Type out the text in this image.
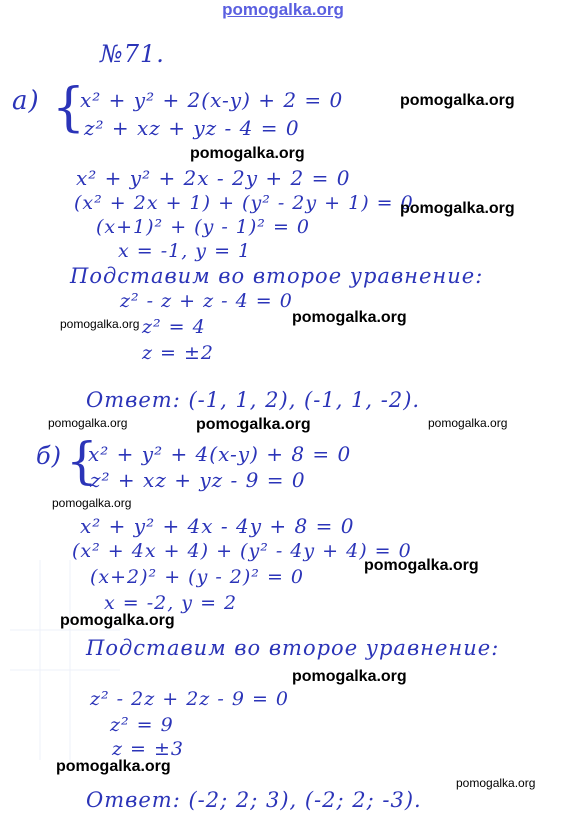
pomogalka.org
№71.
а) {
x² + y² + 2(x-y) + 2 = 0
z² + xz + yz - 4 = 0
x² + y² + 2x - 2y + 2 = 0
(x² + 2x + 1) + (y² - 2y + 1) = 0
(x+1)² + (y - 1)² = 0
x = -1, y = 1
Подставим во второе уравнение:
z² - z + z - 4 = 0
z² = 4
z = ±2
Ответ: (-1, 1, 2), (-1, 1, -2).
б) {
x² + y² + 4(x-y) + 8 = 0
z² + xz + yz - 9 = 0
x² + y² + 4x - 4y + 8 = 0
(x² + 4x + 4) + (y² - 4y + 4) = 0
(x+2)² + (y - 2)² = 0
x = -2, y = 2
Подставим во второе уравнение:
z² - 2z + 2z - 9 = 0
z² = 9
z = ±3
Ответ: (-2; 2; 3), (-2; 2; -3).
pomogalka.org
pomogalka.org
pomogalka.org
pomogalka.org
pomogalka.org
pomogalka.org
pomogalka.org	pomogalka.org
pomogalka.org
pomogalka.org
pomogalka.org
pomogalka.org
pomogalka.org
pomogalka.org
